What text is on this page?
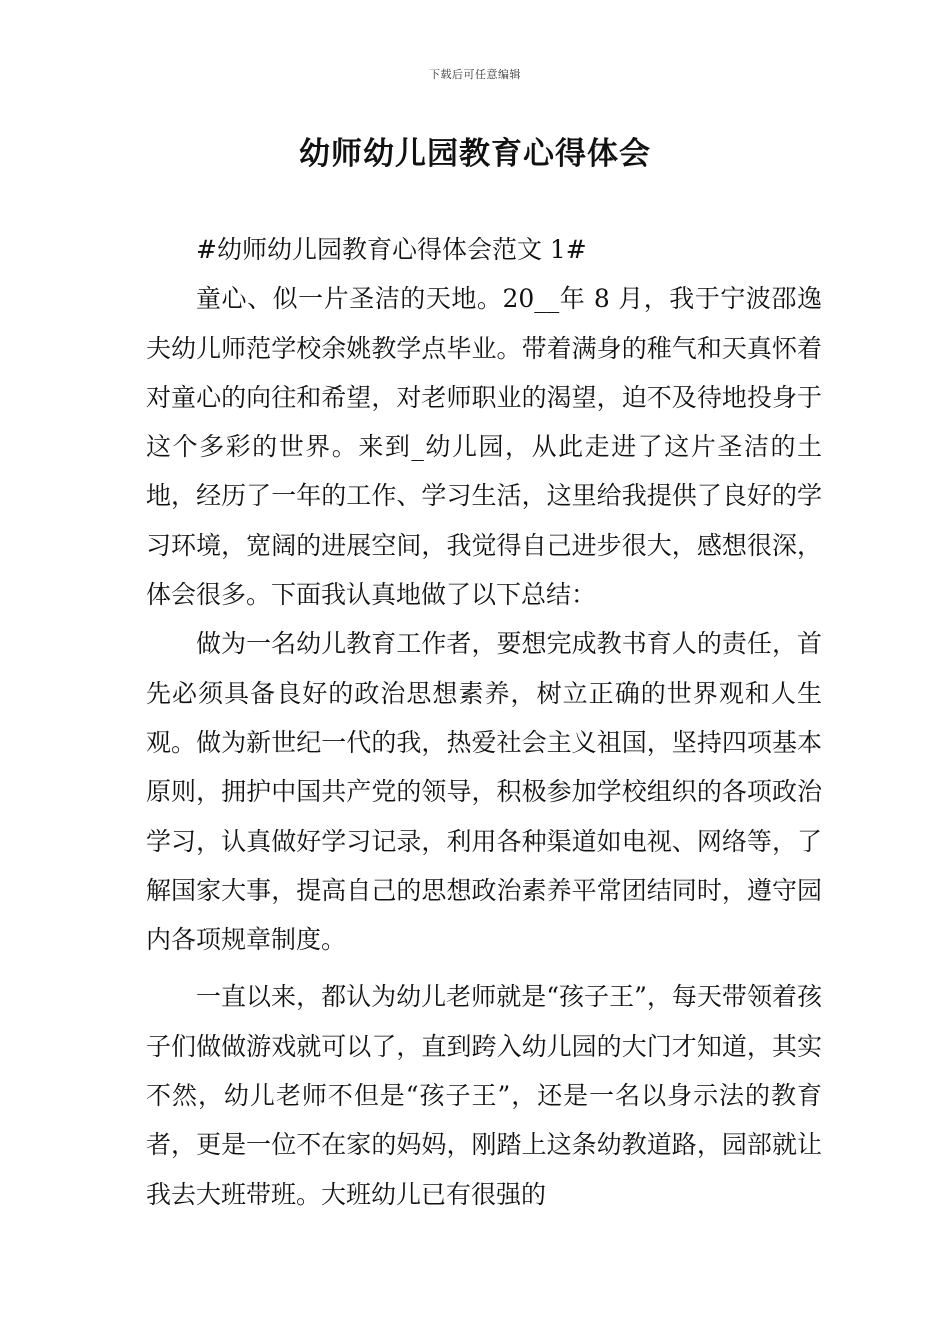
下载后可任意编辑
幼师幼儿园教育心得体会

#幼师幼儿园教育心得体会范文 1#

童心、似一片圣洁的天地。20__年 8 月，我于宁波邵逸夫幼儿师范学校余姚教学点毕业。带着满身的稚气和天真怀着对童心的向往和希望，对老师职业的渴望，迫不及待地投身于这个多彩的世界。来到_幼儿园，从此走进了这片圣洁的土地，经历了一年的工作、学习生活，这里给我提供了良好的学习环境，宽阔的进展空间，我觉得自己进步很大，感想很深，体会很多。下面我认真地做了以下总结：

做为一名幼儿教育工作者，要想完成教书育人的责任，首先必须具备良好的政治思想素养，树立正确的世界观和人生观。做为新世纪一代的我，热爱社会主义祖国，坚持四项基本原则，拥护中国共产党的领导，积极参加学校组织的各项政治学习，认真做好学习记录，利用各种渠道如电视、网络等，了解国家大事，提高自己的思想政治素养平常团结同时，遵守园内各项规章制度。

一直以来，都认为幼儿老师就是“孩子王”，每天带领着孩子们做做游戏就可以了，直到跨入幼儿园的大门才知道，其实不然，幼儿老师不但是“孩子王”，还是一名以身示法的教育者，更是一位不在家的妈妈，刚踏上这条幼教道路，园部就让我去大班带班。大班幼儿已有很强的
